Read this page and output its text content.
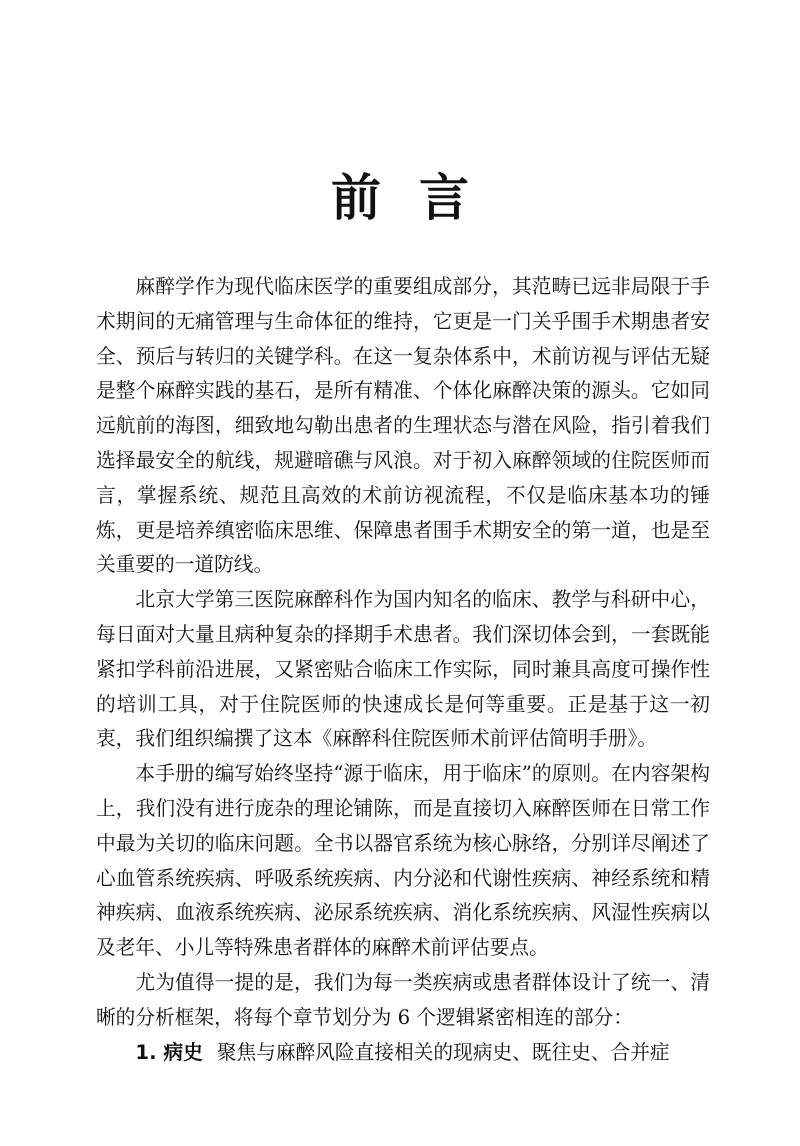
前 言

麻醉学作为现代临床医学的重要组成部分，其范畴已远非局限于手术期间的无痛管理与生命体征的维持，它更是一门关乎围手术期患者安全、预后与转归的关键学科。在这一复杂体系中，术前访视与评估无疑是整个麻醉实践的基石，是所有精准、个体化麻醉决策的源头。它如同远航前的海图，细致地勾勒出患者的生理状态与潜在风险，指引着我们选择最安全的航线，规避暗礁与风浪。对于初入麻醉领域的住院医师而言，掌握系统、规范且高效的术前访视流程，不仅是临床基本功的锤炼，更是培养缜密临床思维、保障患者围手术期安全的第一道，也是至关重要的一道防线。

北京大学第三医院麻醉科作为国内知名的临床、教学与科研中心，每日面对大量且病种复杂的择期手术患者。我们深切体会到，一套既能紧扣学科前沿进展，又紧密贴合临床工作实际，同时兼具高度可操作性的培训工具，对于住院医师的快速成长是何等重要。正是基于这一初衷，我们组织编撰了这本《麻醉科住院医师术前评估简明手册》。

本手册的编写始终坚持“源于临床，用于临床”的原则。在内容架构上，我们没有进行庞杂的理论铺陈，而是直接切入麻醉医师在日常工作中最为关切的临床问题。全书以器官系统为核心脉络，分别详尽阐述了心血管系统疾病、呼吸系统疾病、内分泌和代谢性疾病、神经系统和精神疾病、血液系统疾病、泌尿系统疾病、消化系统疾病、风湿性疾病以及老年、小儿等特殊患者群体的麻醉术前评估要点。

尤为值得一提的是，我们为每一类疾病或患者群体设计了统一、清晰的分析框架，将每个章节划分为 6 个逻辑紧密相连的部分：

1. 病史 聚焦与麻醉风险直接相关的现病史、既往史、合并症
